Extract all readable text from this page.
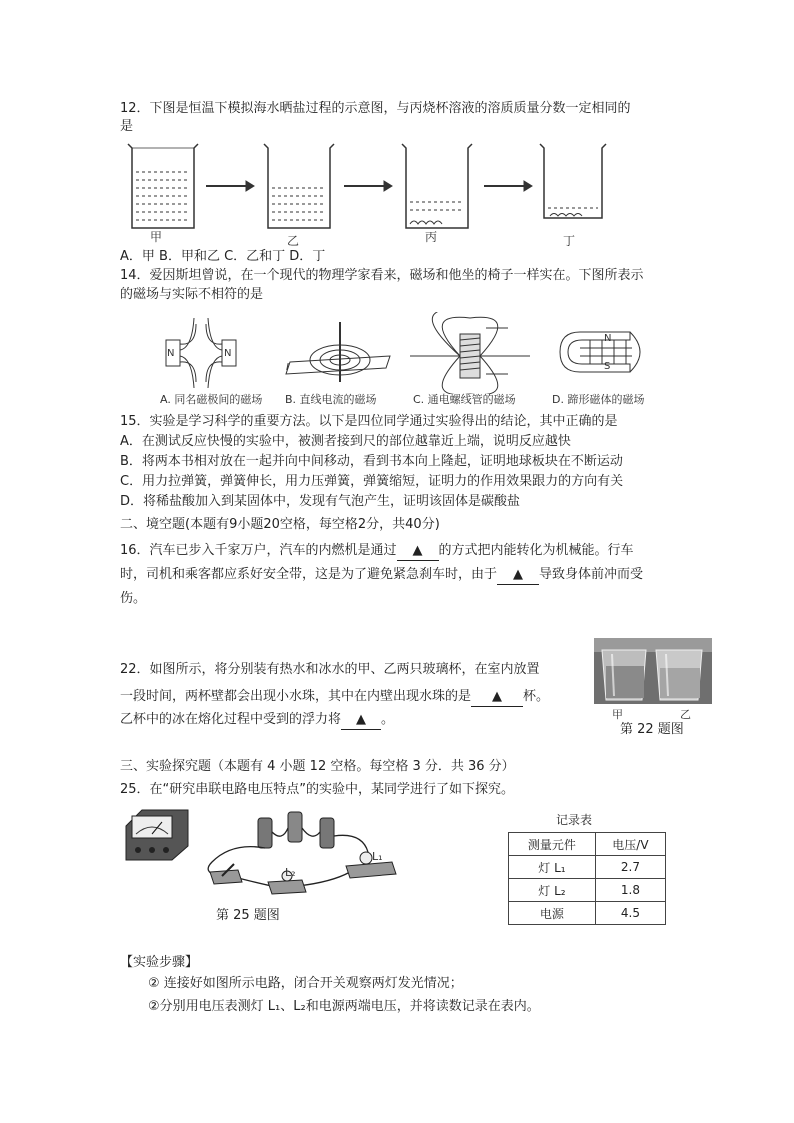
12．下图是恒温下模拟海水晒盐过程的示意图，与丙烧杯溶液的溶质质量分数一定相同的
是
甲	乙	丙	丁
A．甲 B．甲和乙 C．乙和丁 D．丁
14．爱因斯坦曾说，在一个现代的物理学家看来，磁场和他坐的椅子一样实在。下图所表示
的磁场与实际不相符的是
N	N
I
N
S
A. 同名磁极间的磁场 B. 直线电流的磁场	C. 通电螺线管的磁场	D. 蹄形磁体的磁场
15．实验是学习科学的重要方法。以下是四位同学通过实验得出的结论，其中正确的是
A．在测试反应快慢的实验中，被测者接到尺的部位越靠近上端，说明反应越快
B．将两本书相对放在一起并向中间移动，看到书本向上隆起，证明地球板块在不断运动
C．用力拉弹簧，弹簧伸长，用力压弹簧，弹簧缩短，证明力的作用效果跟力的方向有关
D．将稀盐酸加入到某固体中，发现有气泡产生，证明该固体是碳酸盐
二、境空题(本题有9小题20空格，每空格2分，共40分)
16．汽车已步入千家万户，汽车的内燃机是通过 ▲ 的方式把内能转化为机械能。行车
时，司机和乘客都应系好安全带，这是为了避免紧急刹车时，由于 ▲ 导致身体前冲而受
伤。
22．如图所示，将分别装有热水和冰水的甲、乙两只玻璃杯，在室内放置
一段时间，两杯壁都会出现小水珠，其中在内壁出现水珠的是 ▲ 杯。
乙杯中的冰在熔化过程中受到的浮力将 ▲ 。	甲	乙
第 22 题图
三、实验探究题（本题有 4 小题 12 空格。每空格 3 分．共 36 分）
25．在“研究串联电路电压特点”的实验中，某同学进行了如下探究。
L₁
L₂
第 25 题图
记录表
测量元件	电压/V
灯 L₁	2.7
灯 L₂	1.8
电源	4.5
【实验步骤】
② 连接好如图所示电路，闭合开关观察两灯发光情况；
②分别用电压表测灯 L₁、L₂和电源两端电压，并将读数记录在表内。
